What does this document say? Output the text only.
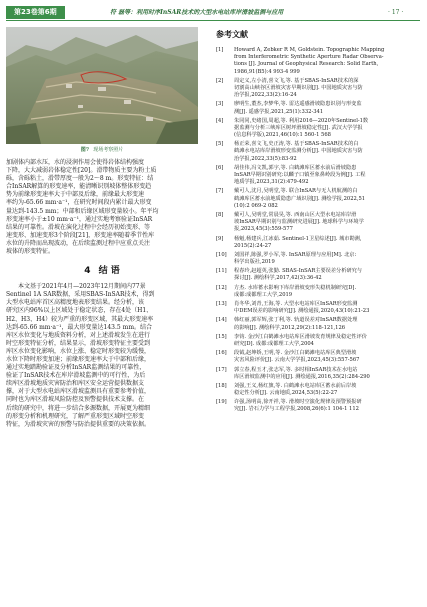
第23卷第6期	符 磊等：利用时序InSAR技术的大型水电站库岸滑坡监测与应用	· 17 ·
图7 现场考察照片
加剧体内部水压，水的浸润作用会使得岩体结构强度
下降，大大减弱岩体稳定性[20]。滑带物质主要为粉土质
砾，含砾粘土，滑带厚度一般为2～8 m。形变特征：结
合InSAR解算的形变速率，能清晰识别坡体整体形变趋
势为前缘形变速率大于中部及后缘，前缘最大形变速
率约为-65.66 mm·a⁻¹，在研究时间段内累计最大形变
量达到-143.5 mm；中部和后缘区域形变量较小。年平均
形变速率小于±10 mm·a⁻¹，通过实地考察验证InSAR
结果的可靠性。滑坡在演化过程中会经历初始变形、等
速变形、加速变形3个阶段[21]，形变速率随着季节性库
水位的升降而出现波动，在后续监测过程中应重点关注
坡体的形变特征。
4 结 语
本文基于2021年4月—2023年12月期间内77景
Sentinel 1A SAR数据，采用SBAS-InSAR技术，得到
大型水电站库首区高精度地表形变结果。经分析，该
研究区内96%以上区域处于稳定状态，存在4处（H1、
H2、H3、H4）较为严重的形变区域，其最大形变速率
达到-65.66 mm·a⁻¹，最大形变量达143.5 mm。结合
库区水位变化与地质资料分析，对上述滑坡发生在进行
时空形变特征分析，结果显示，滑坡形变特征主要受到
库区水位变化影响，水位上涨、稳定时形变较为缓慢，
水位下降时形变加速；前缘形变速率大于中部和后缘，
通过实地踏勘验证及分析InSAR监测结果的可靠性，
验证了InSAR技术在库岸滑坡监测中的可行性，为后
续库区滑坡地质灾害防治和库区安全运营提供数据支
撑，对于大型水电站库区滑坡监测具有重要参考价值，
同时也为库区滑坡风险防控及预警提供技术支撑。在
后续的研究中，将进一步结合多源数据，开展更为精细
的形变分析和机理研究，了解严重形变区域时空形变
特征，为滑坡灾害的预警与防治提供重要的决策依据。
参考文献
[1] Howard A, Zebker R M, Goldstein. Topographic Mapping
from Interferometric Synthetic Aperture Radar Observa-
tions [J]. Journal of Geophysical Research: Solid Earth,
1986,91(B5):4 993-4 999
[2] 周定义,左小清,喜文飞,等. 基于SBAS-InSAR技术的深
切割高山峡谷区滑坡灾害早期识别[J]. 中国地质灾害与防
治学报,2022,33(2):16-24
[3] 廖明生,董杰,李梦华,等. 雷达遥感滑坡隐患识别与形变监
测[J]. 遥感学报,2021,25(1):332-341
[4] 朱同同,史绪国,周超,等. 利用2016—2020年Sentinel-1数
据监测与分析三峡库区树坪滑坡稳定性[J]. 武汉大学学报
(信息科学版),2021,46(10):1 560-1 568
[5] 杨正荣,喜文飞,史正涛,等. 基于SBAS-InSAR技术的白
鹤滩水电站库岸滑坡形变监测分析[J]. 中国地质灾害与防
治学报,2022,33(5):83-92
[6] 胡佳伟,冯文凯,郭宇,等. 白鹤滩库区蓄水前后滑坡隐患
InSAR早期识别研究:以麟子口镇至象鼻岭段为例[J]. 工程
地质学报,2023,31(2):479-492
[7] 戴可人,沈月,吴明堂,等. 联合InSAR与无人机航测的白
鹤滩库区蓄水前地质隐患广域识别[J]. 测绘学报,2022,51
(10):2 069-2 082
[8] 戴可人,吴明堂,常晨昊,等. 西南山区大型水电站库岸滑
坡InSAR早期识别与监测研究进展[J]. 地球科学与环境学
报,2023,45(3):559-577
[9] 杨魁,杨建兵,江冰茹. Sentinel-1卫星综述[J]. 城市勘测,
2015(2):24-27
[10] 刘国祥,陈强,罗小军,等. InSAR原理与应用[M]. 北京:
科学出版社,2019
[11] 程春玲,赵超英,张勤. SBAS-InSAR主要误差分析研究与
探讨[J]. 测绘科学,2017,42(3):36-42
[12] 方杰. 水库蓄水影响下库岸滑坡变形失稳机制研究[D].
成都:成都理工大学,2019
[13] 肖冬华,刘青,王海,等. 大型水电站库区InSAR形变监测
中DEM误差的影响研究[J]. 测绘通报,2020,43(10):21-23
[14] 韩红丽,郭军辉,张丁利,等. 轨道误差对InSAR数据处理
的影响[J]. 测绘科学,2012,29(2):118-121,126
[15] 李钧. 金沙江白鹤滩水电站库区滑坡发育规律及稳定性评价
研究[D]. 成都:成都理工大学,2004
[16] 段钺,赵坤娇,王明,等. 金沙江白鹤滩电站库区典型滑坡
灾害风险评价[J]. 云南大学学报,2023,45(3):557-567
[17] 郭立春,程玉才,张志军,等. 多时相InSAR技术在水电站
库区滑坡监测中的应用[J]. 测绘通报,2016,35(2):284-290
[18] 刘强,王义,杨红旗,等. 白鹤滩水电站库区蓄水前后岸坡
稳定性分析[J]. 云南地质,2024,53(5):22-27
[19] 许强,汤明高,徐开祥,等. 滑坡时空演化规律及预警预报研
究[J]. 岩石力学与工程学报,2008,26(6):1 104-1 112
